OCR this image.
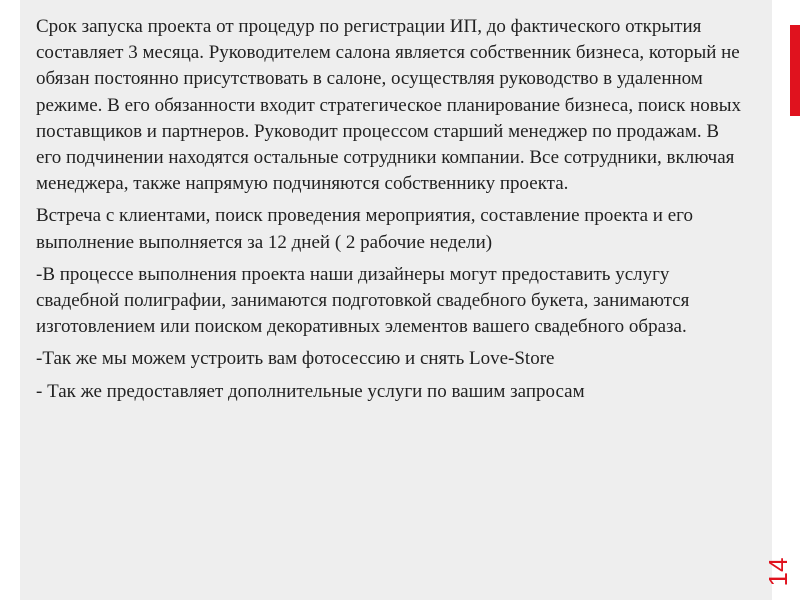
Срок запуска проекта от процедур по регистрации ИП, до фактического открытия составляет 3 месяца. Руководителем салона является собственник бизнеса, который не обязан постоянно присутствовать в салоне, осуществляя руководство в удаленном режиме. В его обязанности входит стратегическое планирование бизнеса, поиск новых поставщиков и партнеров. Руководит процессом старший менеджер по продажам. В его подчинении находятся остальные сотрудники компании. Все сотрудники, включая менеджера, также напрямую подчиняются собственнику проекта.

Встреча с клиентами, поиск проведения мероприятия, составление проекта и его выполнение выполняется за 12 дней ( 2 рабочие недели)

-В процессе выполнения проекта наши дизайнеры могут предоставить услугу свадебной полиграфии, занимаются подготовкой свадебного букета, занимаются изготовлением или поиском декоративных элементов вашего свадебного образа.

-Так же мы можем устроить вам фотосессию и снять Love-Store

- Так же предоставляет дополнительные услуги по вашим запросам

14
